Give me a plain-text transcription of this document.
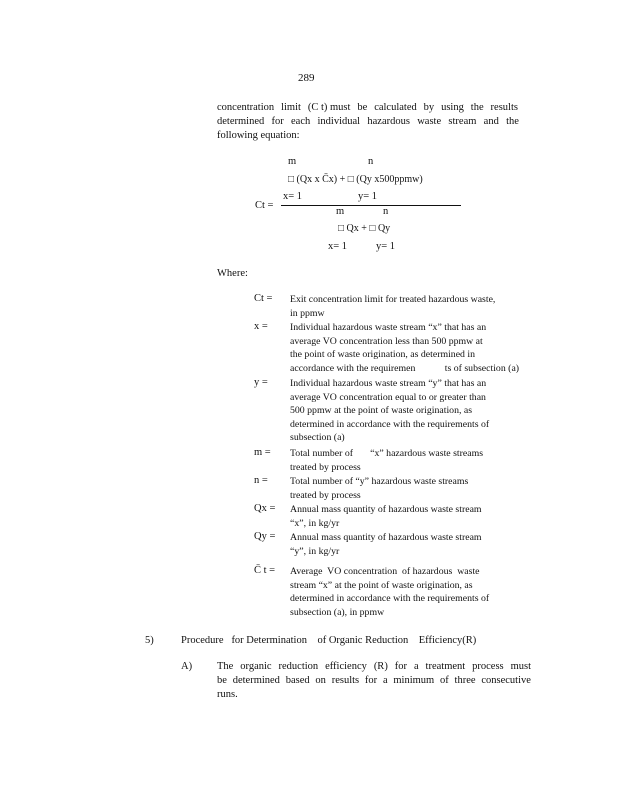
289
concentration limit (C t) must be calculated by using the results
determined for each individual hazardous waste stream and the
following equation:
m	n
□ (Qx x C̄x) + □ (Qy x500ppmw)
x= 1	y= 1
Ct =
m	n
□ Qx + □ Qy
x= 1	y= 1
Where:
Ct = Exit concentration limit for treated hazardous waste,
in ppmw
x = Individual hazardous waste stream “x” that has an
average VO concentration less than 500 ppmw at
the point of waste origination, as determined in
accordance with the requiremen            ts of subsection (a)
y = Individual hazardous waste stream “y” that has an
average VO concentration equal to or greater than
500 ppmw at the point of waste origination, as
determined in accordance with the requirements of
subsection (a)
m = Total number of       “x” hazardous waste streams
treated by process
n = Total number of “y” hazardous waste streams
treated by process
Qx = Annual mass quantity of hazardous waste stream
“x”, in kg/yr
Qy = Annual mass quantity of hazardous waste stream
“y”, in kg/yr
C̄ t = Average  VO concentration  of hazardous  waste
stream “x” at the point of waste origination, as
determined in accordance with the requirements of
subsection (a), in ppmw
5)	Procedure   for Determination    of Organic Reduction    Efficiency(R)
A) The organic reduction efficiency (R) for a treatment process must
be determined based on results for a minimum of three consecutive
runs.
